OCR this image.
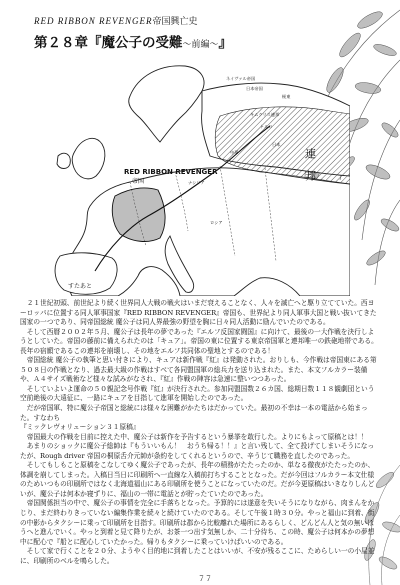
RED RIBBON REVENGER帝国興亡史
第２８章『魔公子の受難～前編～』
ネイヴァル帝国
日本帝国
極東
キムクリス連邦
トルコ
日本
中華
ナシリア
ロシア
RED RIBBON REVENGER
帝国
連　邦
すたあと

２１世紀初頭、前世紀より続く世界同人大戦の戦火はいまだ衰えることなく、人々を滅亡へと駆り立てていた。西ヨーロッパに位置する同人軍事国家『RED RIBBON REVENGER』帝国も、世界紀より同人軍事大国と戦い抜いてきた国家の一つであり、同帝国総統 魔公子は同人界最強の野望を胸に日々同人活動に励んでいたのである。

そして西暦２００２年５月、魔公子は長年の夢であった『エルフ反国家闘国』に向けて、最後の一大作戦を決行しようとしていた。帝国の藤前に備えられたのは「キュア」。帝国の東に位置する東京帝国軍と連邦唯一の鉄砲地帯である。長年の宿願であるこの連邦を崩壊し、その地をエルフ共同体の聖地とするのである！

帝国総統 魔公子の執筆と思い付きにより、キュアは新作戦『紅』は発動された。おりしも、今作戦は帝国東にある第５０８日の作戦となり、過去最大級の作戦はすべて各同盟国軍の総兵力を送り込まれた。また、本文フルカラー装備や、Ａ４サイズ戦術など様々な試みがなされ、『紅』作戦の陣容は急速に整いつつあった。

そしていよいよ運命の５０親記念号作戦『紅』が決行された。参加同盟国数２６カ国、総期日数１１８観劇団という空前絶後の大遠征に、一路にキュアを目指して進軍を開始したのであった。

だが帝国軍、特に魔公子帝国と総統には様々な困難がかたちはだかっていた。最初の不幸は一本の電話から始まった。すなわち

『ミックレヴォリューション３１原稿』

帝国最大の作戦を目前に控えた中、魔公子は新作を予告するという暴挙を敢行した。よりにもよって原稿とは！！

あまりのショックに魔公子総帥は『もういいもん！　おうち帰る！！』と言い残して、全て投げてしまいそうになったが、Rough driver 帝国の桐原舌介元帥が条約をしてくれるというので、辛うじて職務を直したのであった。

そしてもしもこと原稿をこなしてゆく魔公子であったが、長年の積務がたたったのか、単なる徹夜がたたったのか、体調を崩してしまった。入稿日当日に印刷所へ一直線な入稿前打ちすることとなった。だが今回はフルカラー本文仕様のためいつもの印刷所ではなく北海道福山にある印刷所を使うことになっていたのだ。だが今更原稿はいきなりしんどいが、魔公子は何本か寝ずりに、福山の一帯に電話とが貯ったていたのであった。

帝国関係担当の中で、魔公子の事情を完全に手落ちとなった。予算的には遂意を失いそうになりながら、肉まんをかじり、まだ終わりきっていない編集作業を続々と続けていたのである。そして午後１時３０分。やっと福山に到着、街の中影からタクシーに乗って印刷所を目指す。印刷所は郡から比較離れた場所にあるらしく、どんどん人と気の無いほうへと進んでいく。やっと到着と見て降りたが、お茶一つ出す気無しか、二十分待ち、この時、魔公子は何本かの夢想中に配心で『船とに配心していたかった。帰りもタクシーに乗っていけばいいのである。

そして家で行くことを２０分、ようやく目的地に到着したことはいいが、不安が残るここに、ためらしい一の小屋並に、印刷所のベルを鳴らした。

７７
